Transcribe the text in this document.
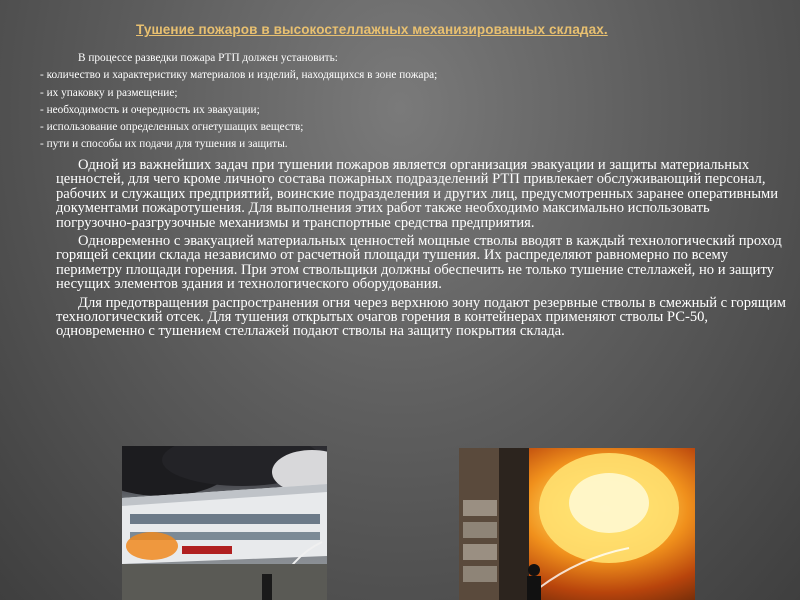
Тушение пожаров в высокостеллажных механизированных складах.
В процессе разведки пожара РТП должен установить:
- количество и характеристику материалов и изделий, находящихся в зоне пожара;
- их упаковку и размещение;
- необходимость и очередность их эвакуации;
- использование определенных огнетушащих веществ;
- пути и способы их подачи для тушения и защиты.

Одной из важнейших задач при тушении пожаров является организация эвакуации и защиты материальных ценностей, для чего кроме личного состава пожарных подразделений РТП привлекает обслуживающий персонал, рабочих и служащих предприятий, воинские подразделения и других лиц, предусмотренных заранее оперативными документами пожаротушения. Для выполнения этих работ также необходимо максимально использовать погрузочно-разгрузочные механизмы и транспортные средства предприятия.

Одновременно с эвакуацией материальных ценностей мощные стволы вводят в каждый технологический проход горящей секции склада независимо от расчетной площади тушения. Их распределяют равномерно по всему периметру площади горения. При этом ствольщики должны обеспечить не только тушение стеллажей, но и защиту несущих элементов здания и технологического оборудования.

Для предотвращения распространения огня через верхнюю зону подают резервные стволы в смежный с горящим технологический отсек. Для тушения открытых очагов горения в контейнерах применяют стволы РС-50, одновременно с тушением стеллажей подают стволы на защиту покрытия склада.
